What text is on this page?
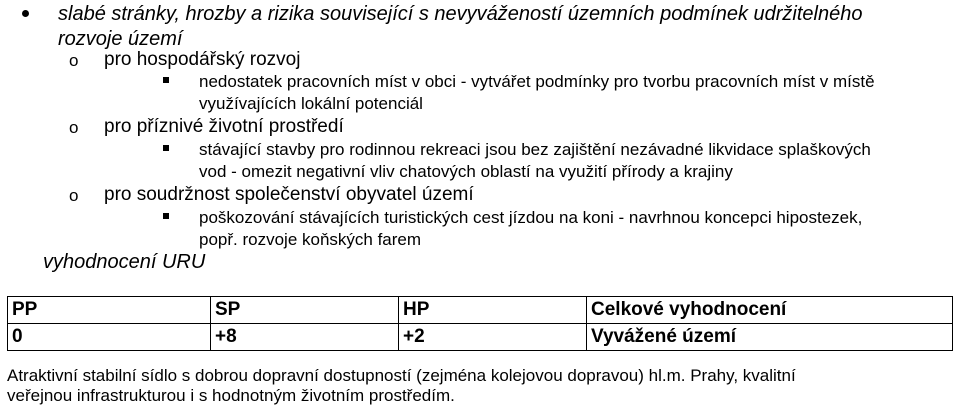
slabé stránky, hrozby a rizika související s nevyvážeností územních podmínek udržitelného
rozvoje území
o pro hospodářský rozvoj
nedostatek pracovních míst v obci - vytvářet podmínky pro tvorbu pracovních míst v místě
využívajících lokální potenciál
o pro příznivé životní prostředí
stávající stavby pro rodinnou rekreaci jsou bez zajištění nezávadné likvidace splaškových
vod - omezit negativní vliv chatových oblastí na využití přírody a krajiny
o pro soudržnost společenství obyvatel území
poškozování stávajících turistických cest jízdou na koni - navrhnou koncepci hipostezek,
popř. rozvoje koňských farem
vyhodnocení URU
PP	SP	HP	Celkové vyhodnocení
0	+8	+2	Vyvážené území
Atraktivní stabilní sídlo s dobrou dopravní dostupností (zejména kolejovou dopravou) hl.m. Prahy, kvalitní
veřejnou infrastrukturou i s hodnotným životním prostředím.
